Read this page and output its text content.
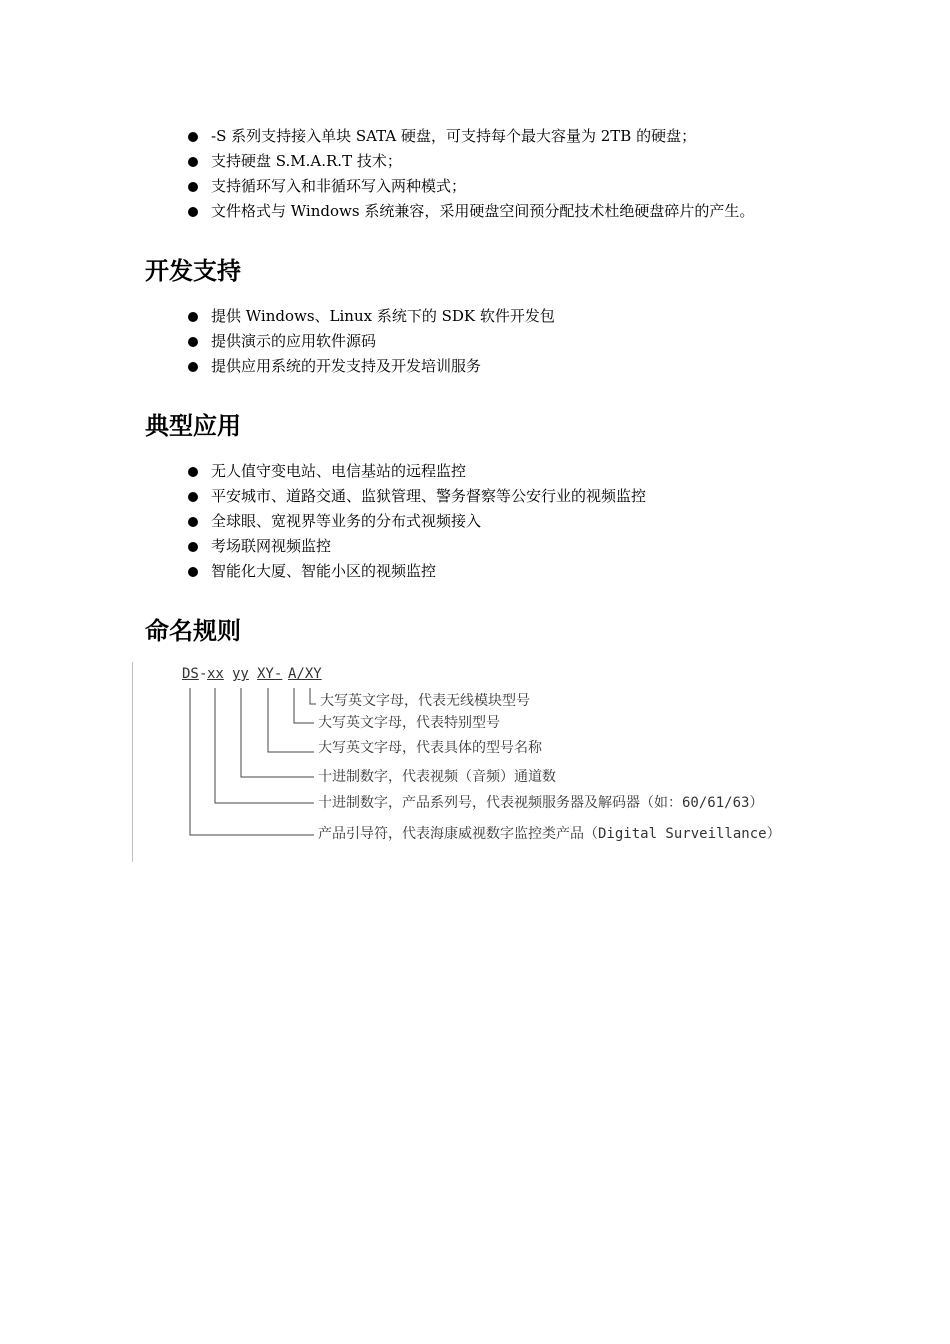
-S 系列支持接入单块 SATA 硬盘，可支持每个最大容量为 2TB 的硬盘；
支持硬盘 S.M.A.R.T 技术；
支持循环写入和非循环写入两种模式；
文件格式与 Windows 系统兼容，采用硬盘空间预分配技术杜绝硬盘碎片的产生。
开发支持
提供 Windows、Linux 系统下的 SDK 软件开发包
提供演示的应用软件源码
提供应用系统的开发支持及开发培训服务
典型应用
无人值守变电站、电信基站的远程监控
平安城市、道路交通、监狱管理、警务督察等公安行业的视频监控
全球眼、宽视界等业务的分布式视频接入
考场联网视频监控
智能化大厦、智能小区的视频监控
命名规则
DS - xx yy XY- A/XY
大写英文字母，代表无线模块型号
大写英文字母，代表特别型号
大写英文字母，代表具体的型号名称
十进制数字，代表视频（音频）通道数
十进制数字，产品系列号，代表视频服务器及解码器（如：60/61/63）
产品引导符，代表海康威视数字监控类产品（Digital Surveillance）
